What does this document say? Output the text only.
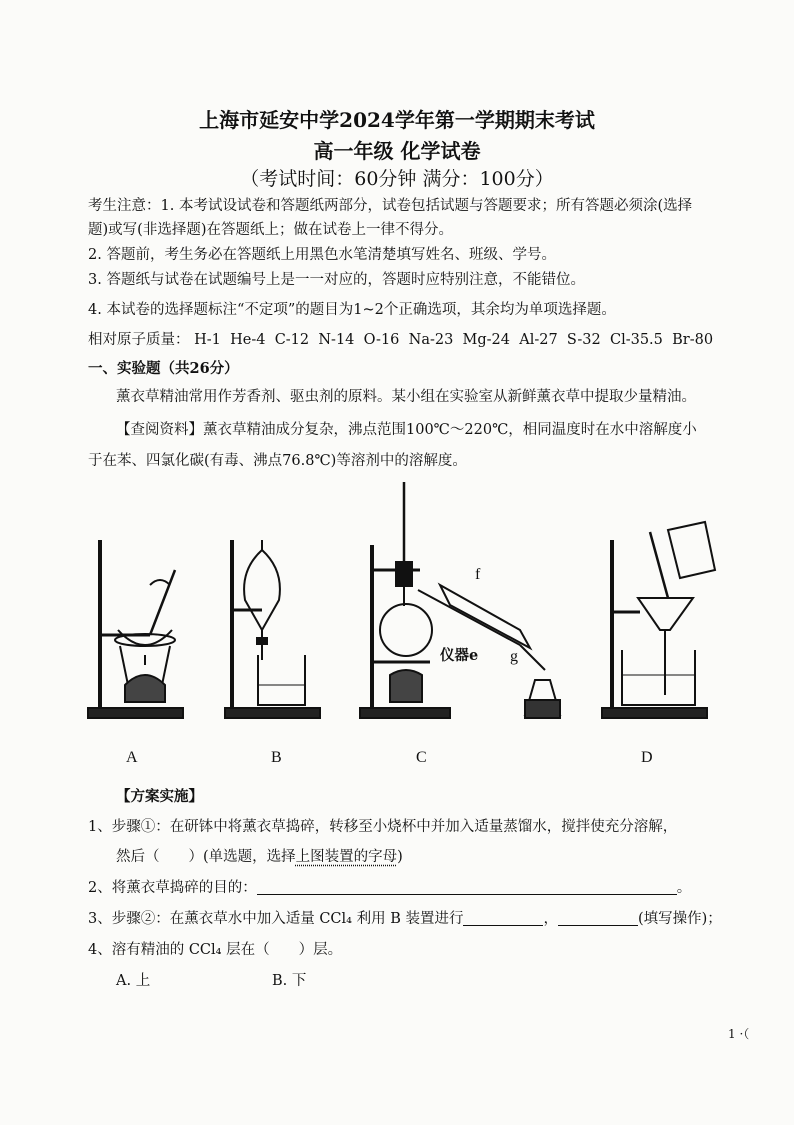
上海市延安中学2024学年第一学期期末考试
高一年级 化学试卷
（考试时间：60分钟 满分：100分）
考生注意：1. 本考试设试卷和答题纸两部分，试卷包括试题与答题要求；所有答题必须涂(选择
题)或写(非选择题)在答题纸上；做在试卷上一律不得分。
2. 答题前，考生务必在答题纸上用黑色水笔清楚填写姓名、班级、学号。
3. 答题纸与试卷在试题编号上是一一对应的，答题时应特别注意，不能错位。
4. 本试卷的选择题标注“不定项”的题目为1~2个正确选项，其余均为单项选择题。
相对原子质量： H-1 He-4 C-12 N-14 O-16 Na-23 Mg-24 Al-27 S-32 Cl-35.5 Br-80
一、实验题（共26分）
薰衣草精油常用作芳香剂、驱虫剂的原料。某小组在实验室从新鲜薰衣草中提取少量精油。
【查阅资料】薰衣草精油成分复杂，沸点范围100℃～220℃，相同温度时在水中溶解度小
于在苯、四氯化碳(有毒、沸点76.8℃)等溶剂中的溶解度。
f
g
仪器e
A	B	C	D
【方案实施】
1、步骤①：在研钵中将薰衣草捣碎，转移至小烧杯中并加入适量蒸馏水，搅拌使充分溶解，
然后（　　）(单选题，选择上图装置的字母)
2、将薰衣草捣碎的目的：	。
3、步骤②：在薰衣草水中加入适量 CCl₄ 利用 B 装置进行	，	(填写操作)；
4、溶有精油的 CCl₄ 层在（　　）层。
A. 上	B. 下
1 ·（
